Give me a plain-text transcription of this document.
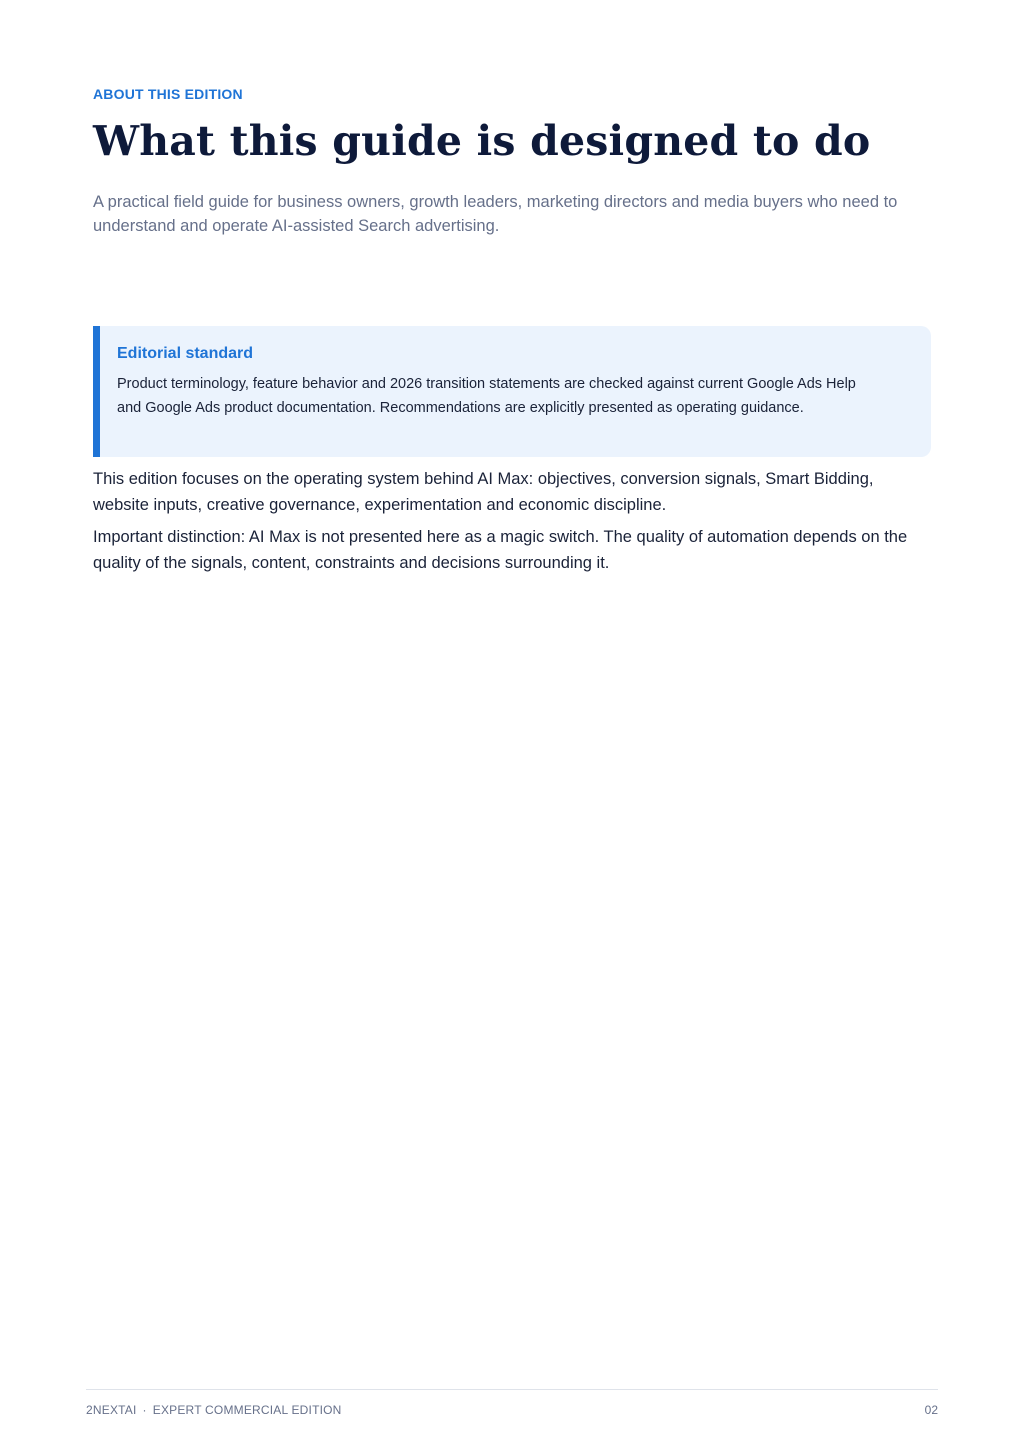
ABOUT THIS EDITION

What this guide is designed to do

A practical field guide for business owners, growth leaders, marketing directors and media buyers who need to understand and operate AI-assisted Search advertising.

Editorial standard

Product terminology, feature behavior and 2026 transition statements are checked against current Google Ads Help and Google Ads product documentation. Recommendations are explicitly presented as operating guidance.

This edition focuses on the operating system behind AI Max: objectives, conversion signals, Smart Bidding, website inputs, creative governance, experimentation and economic discipline.

Important distinction: AI Max is not presented here as a magic switch. The quality of automation depends on the quality of the signals, content, constraints and decisions surrounding it.

2NEXTAI · EXPERT COMMERCIAL EDITION	02
